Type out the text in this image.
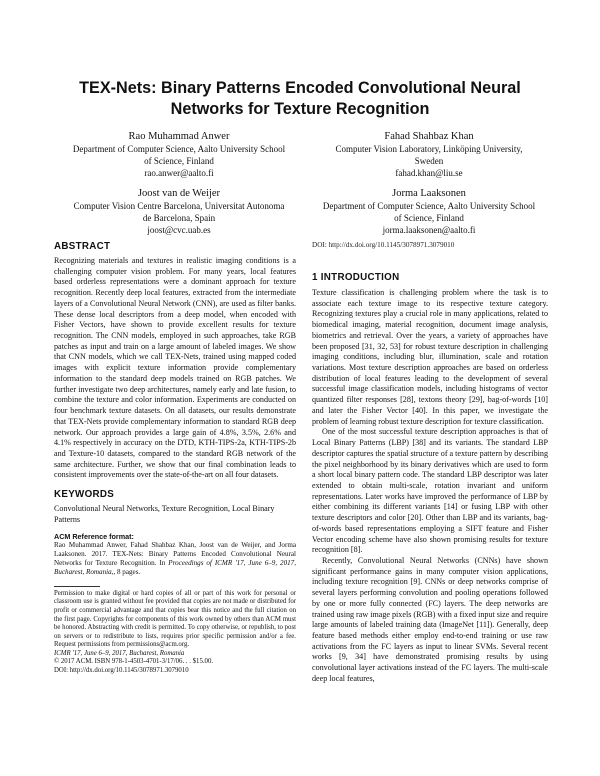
TEX-Nets: Binary Patterns Encoded Convolutional Neural
Networks for Texture Recognition
Rao Muhammad Anwer
Department of Computer Science, Aalto University School
of Science, Finland
rao.anwer@aalto.fi
Fahad Shahbaz Khan
Computer Vision Laboratory, Linköping University,
Sweden
fahad.khan@liu.se
Joost van de Weijer
Computer Vision Centre Barcelona, Universitat Autonoma
de Barcelona, Spain
joost@cvc.uab.es
Jorma Laaksonen
Department of Computer Science, Aalto University School
of Science, Finland
jorma.laaksonen@aalto.fi
ABSTRACT

Recognizing materials and textures in realistic imaging conditions is a challenging computer vision problem. For many years, local features based orderless representations were a dominant approach for texture recognition. Recently deep local features, extracted from the intermediate layers of a Convolutional Neural Network (CNN), are used as filter banks. These dense local descriptors from a deep model, when encoded with Fisher Vectors, have shown to provide excellent results for texture recognition. The CNN models, employed in such approaches, take RGB patches as input and train on a large amount of labeled images. We show that CNN models, which we call TEX-Nets, trained using mapped coded images with explicit texture information provide complementary information to the standard deep models trained on RGB patches. We further investigate two deep architectures, namely early and late fusion, to combine the texture and color information. Experiments are conducted on four benchmark texture datasets. On all datasets, our results demonstrate that TEX-Nets provide complementary information to standard RGB deep network. Our approach provides a large gain of 4.8%, 3.5%, 2.6% and 4.1% respectively in accuracy on the DTD, KTH-TIPS-2a, KTH-TIPS-2b and Texture-10 datasets, compared to the standard RGB network of the same architecture. Further, we show that our final combination leads to consistent improvements over the state-of-the-art on all four datasets.

KEYWORDS

Convolutional Neural Networks, Texture Recognition, Local Binary Patterns

ACM Reference format:

Rao Muhammad Anwer, Fahad Shahbaz Khan, Joost van de Weijer, and Jorma Laaksonen. 2017. TEX-Nets: Binary Patterns Encoded Convolutional Neural Networks for Texture Recognition. In Proceedings of ICMR '17, June 6–9, 2017, Bucharest, Romania,, 8 pages.

Permission to make digital or hard copies of all or part of this work for personal or classroom use is granted without fee provided that copies are not made or distributed for profit or commercial advantage and that copies bear this notice and the full citation on the first page. Copyrights for components of this work owned by others than ACM must be honored. Abstracting with credit is permitted. To copy otherwise, or republish, to post on servers or to redistribute to lists, requires prior specific permission and/or a fee. Request permissions from permissions@acm.org.

ICMR '17, June 6–9, 2017, Bucharest, Romania
© 2017 ACM. ISBN 978-1-4503-4701-3/17/06. . . $15.00.
DOI: http://dx.doi.org/10.1145/3078971.3079010
DOI: http://dx.doi.org/10.1145/3078971.3079010
1 INTRODUCTION

Texture classification is challenging problem where the task is to associate each texture image to its respective texture category. Recognizing textures play a crucial role in many applications, related to biomedical imaging, material recognition, document image analysis, biometrics and retrieval. Over the years, a variety of approaches have been proposed [31, 32, 53] for robust texture description in challenging imaging conditions, including blur, illumination, scale and rotation variations. Most texture description approaches are based on orderless distribution of local features leading to the development of several successful image classification models, including histograms of vector quantized filter responses [28], textons theory [29], bag-of-words [10] and later the Fisher Vector [40]. In this paper, we investigate the problem of learning robust texture description for texture classification.

One of the most successful texture description approaches is that of Local Binary Patterns (LBP) [38] and its variants. The standard LBP descriptor captures the spatial structure of a texture pattern by describing the pixel neighborhood by its binary derivatives which are used to form a short local binary pattern code. The standard LBP descriptor was later extended to obtain multi-scale, rotation invariant and uniform representations. Later works have improved the performance of LBP by either combining its different variants [14] or fusing LBP with other texture descriptors and color [20]. Other than LBP and its variants, bag-of-words based representations employing a SIFT feature and Fisher Vector encoding scheme have also shown promising results for texture recognition [8].

Recently, Convolutional Neural Networks (CNNs) have shown significant performance gains in many computer vision applications, including texture recognition [9]. CNNs or deep networks comprise of several layers performing convolution and pooling operations followed by one or more fully connected (FC) layers. The deep networks are trained using raw image pixels (RGB) with a fixed input size and require large amounts of labeled training data (ImageNet [11]). Generally, deep feature based methods either employ end-to-end training or use raw activations from the FC layers as input to linear SVMs. Several recent works [9, 34] have demonstrated promising results by using convolutional layer activations instead of the FC layers. The multi-scale deep local features,
